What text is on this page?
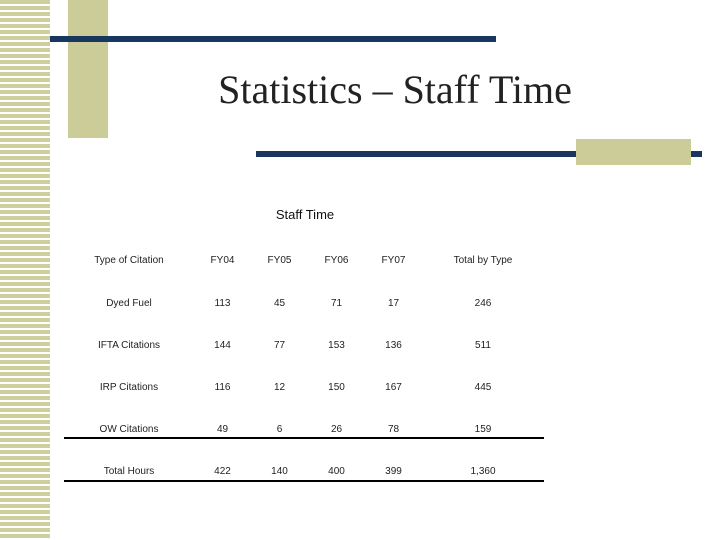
Statistics – Staff Time
Staff Time
Type of Citation	FY04	FY05	FY06	FY07	Total by Type
Dyed Fuel	113	45	71	17	246
IFTA Citations	144	77	153	136	511
IRP Citations	116	12	150	167	445
OW Citations	49	6	26	78	159
Total Hours	422	140	400	399	1,360
